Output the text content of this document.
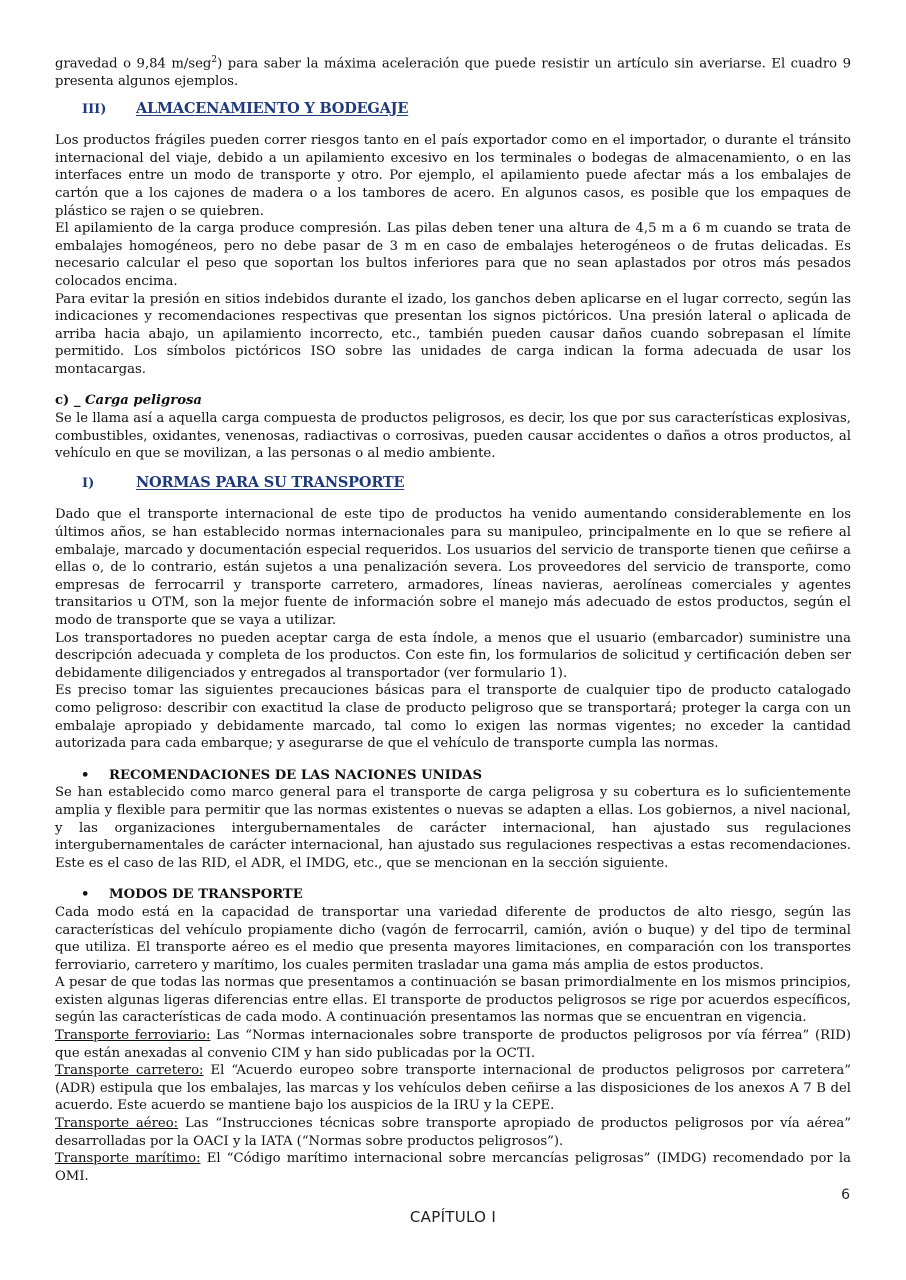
gravedad o 9,84 m/seg$^2$) para saber la máxima aceleración que puede resistir un artículo sin averiarse. El cuadro 9 presenta algunos ejemplos.

III)	ALMACENAMIENTO Y BODEGAJE

Los productos frágiles pueden correr riesgos tanto en el país exportador como en el importador, o durante el tránsito internacional del viaje, debido a un apilamiento excesivo en los terminales o bodegas de almacenamiento, o en las interfaces entre un modo de transporte y otro. Por ejemplo, el apilamiento puede afectar más a los embalajes de cartón que a los cajones de madera o a los tambores de acero. En algunos casos, es posible que los empaques de plástico se rajen o se quiebren.

El apilamiento de la carga produce compresión. Las pilas deben tener una altura de 4,5 m a 6 m cuando se trata de embalajes homogéneos, pero no debe pasar de 3 m en caso de embalajes heterogéneos o de frutas delicadas. Es necesario calcular el peso que soportan los bultos inferiores para que no sean aplastados por otros más pesados colocados encima.

Para evitar la presión en sitios indebidos durante el izado, los ganchos deben aplicarse en el lugar correcto, según las indicaciones y recomendaciones respectivas que presentan los signos pictóricos. Una presión lateral o aplicada de arriba hacia abajo, un apilamiento incorrecto, etc., también pueden causar daños cuando sobrepasan el límite permitido. Los símbolos pictóricos ISO sobre las unidades de carga indican la forma adecuada de usar los montacargas.

c) _ Carga peligrosa

Se le llama así a aquella carga compuesta de productos peligrosos, es decir, los que por sus características explosivas, combustibles, oxidantes, venenosas, radiactivas o corrosivas, pueden causar accidentes o daños a otros productos, al vehículo en que se movilizan, a las personas o al medio ambiente.

I)	NORMAS PARA SU TRANSPORTE

Dado que el transporte internacional de este tipo de productos ha venido aumentando considerablemente en los últimos años, se han establecido normas internacionales para su manipuleo, principalmente en lo que se refiere al embalaje, marcado y documentación especial requeridos. Los usuarios del servicio de transporte tienen que ceñirse a ellas o, de lo contrario, están sujetos a una penalización severa. Los proveedores del servicio de transporte, como empresas de ferrocarril y transporte carretero, armadores, líneas navieras, aerolíneas comerciales y agentes transitarios u OTM, son la mejor fuente de información sobre el manejo más adecuado de estos productos, según el modo de transporte que se vaya a utilizar.

Los transportadores no pueden aceptar carga de esta índole, a menos que el usuario (embarcador) suministre una descripción adecuada y completa de los productos. Con este fin, los formularios de solicitud y certificación deben ser debidamente diligenciados y entregados al transportador (ver formulario 1).

Es preciso tomar las siguientes precauciones básicas para el transporte de cualquier tipo de producto catalogado como peligroso: describir con exactitud la clase de producto peligroso que se transportará; proteger la carga con un embalaje apropiado y debidamente marcado, tal como lo exigen las normas vigentes; no exceder la cantidad autorizada para cada embarque; y asegurarse de que el vehículo de transporte cumpla las normas.

•	RECOMENDACIONES DE LAS NACIONES UNIDAS

Se han establecido como marco general para el transporte de carga peligrosa y su cobertura es lo suficientemente amplia y flexible para permitir que las normas existentes o nuevas se adapten a ellas. Los gobiernos, a nivel nacional, y las organizaciones intergubernamentales de carácter internacional, han ajustado sus regulaciones intergubernamentales de carácter internacional, han ajustado sus regulaciones respectivas a estas recomendaciones. Este es el caso de las RID, el ADR, el IMDG, etc., que se mencionan en la sección siguiente.

•	MODOS DE TRANSPORTE

Cada modo está en la capacidad de transportar una variedad diferente de productos de alto riesgo, según las características del vehículo propiamente dicho (vagón de ferrocarril, camión, avión o buque) y del tipo de terminal que utiliza. El transporte aéreo es el medio que presenta mayores limitaciones, en comparación con los transportes ferroviario, carretero y marítimo, los cuales permiten trasladar una gama más amplia de estos productos.

A pesar de que todas las normas que presentamos a continuación se basan primordialmente en los mismos principios, existen algunas ligeras diferencias entre ellas. El transporte de productos peligrosos se rige por acuerdos específicos, según las características de cada modo. A continuación presentamos las normas que se encuentran en vigencia.

Transporte ferroviario: Las “Normas internacionales sobre transporte de productos peligrosos por vía férrea” (RID) que están anexadas al convenio CIM y han sido publicadas por la OCTI.

Transporte carretero: El “Acuerdo europeo sobre transporte internacional de productos peligrosos por carretera” (ADR) estipula que los embalajes, las marcas y los vehículos deben ceñirse a las disposiciones de los anexos A 7 B del acuerdo. Este acuerdo se mantiene bajo los auspicios de la IRU y la CEPE.

Transporte aéreo: Las “Instrucciones técnicas sobre transporte apropiado de productos peligrosos por vía aérea” desarrolladas por la OACI y la IATA (“Normas sobre productos peligrosos”).

Transporte marítimo: El “Código marítimo internacional sobre mercancías peligrosas” (IMDG) recomendado por la OMI.

6
CAPÍTULO I
